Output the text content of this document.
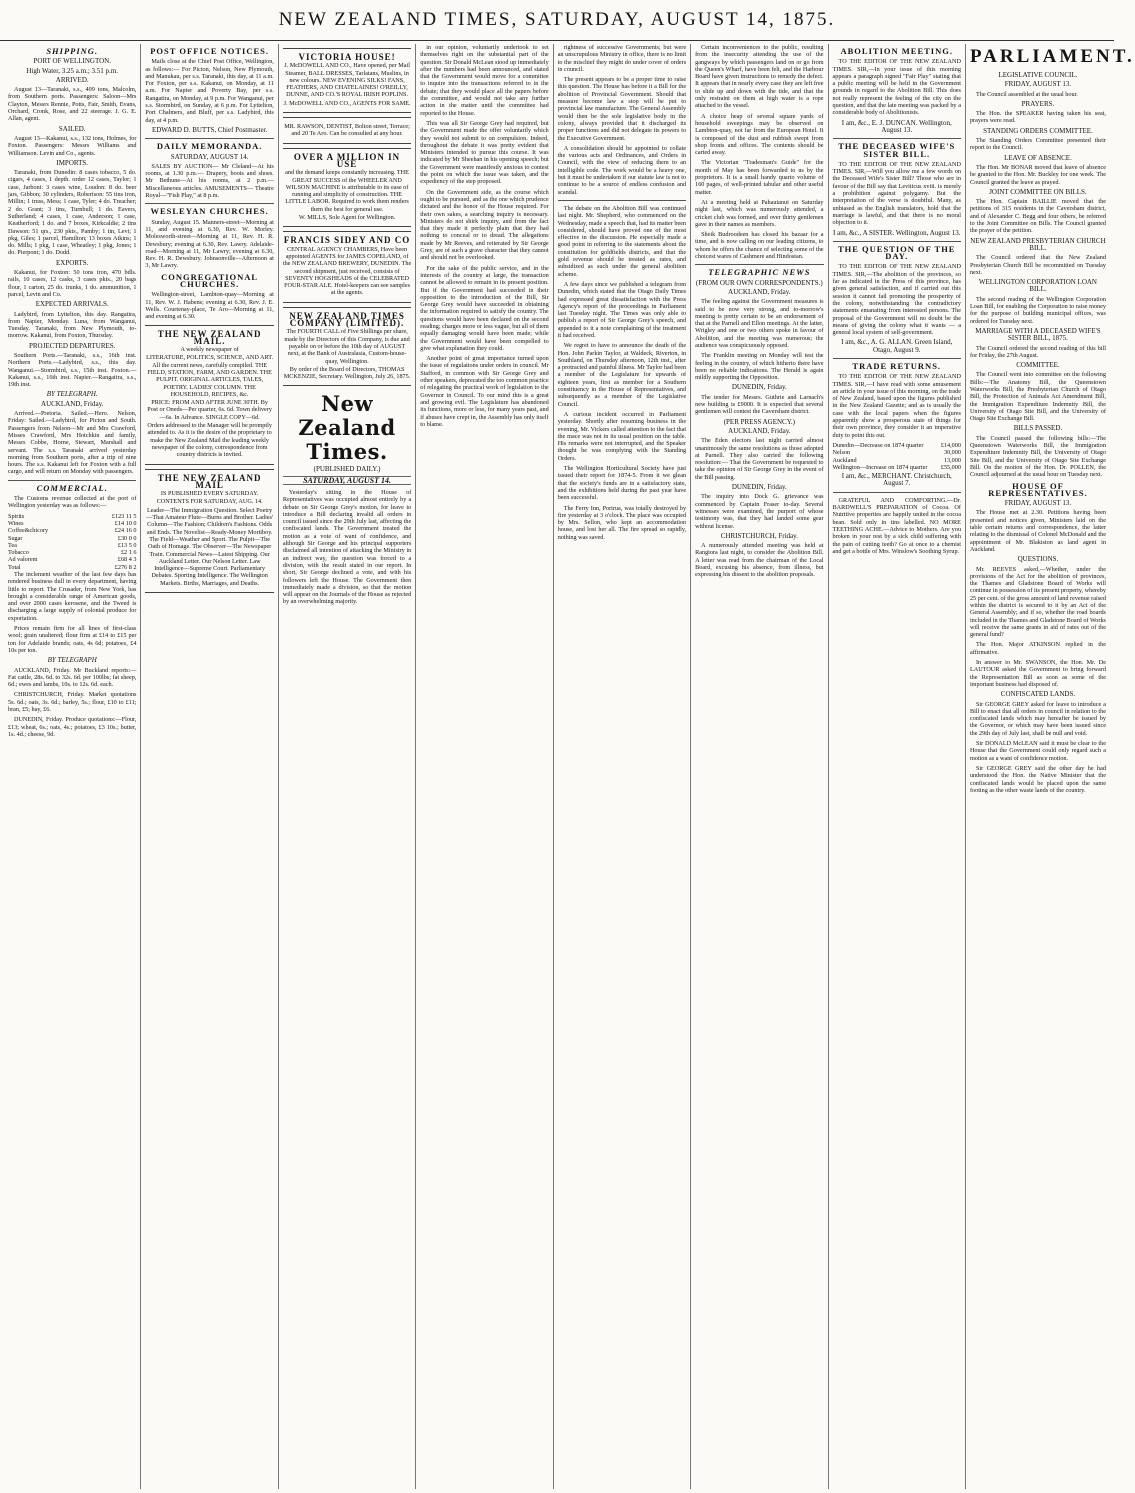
NEW ZEALAND TIMES, SATURDAY, AUGUST 14, 1875.
SHIPPING.
PORT OF WELLINGTON.
High Water, 3.25 a.m.; 3.51 p.m.
ARRIVED.

August 13—Taranaki, s.s., 409 tons, Malcolm, from Southern ports. Passengers: Saloon—Mrs Clayton, Messrs Rennie, Potts, Fair, Smith, Evans, Orchard, Cronk, Rose, and 22 steerage. J. G. E. Allan, agent.

SAILED.

August 13—Kakanui, s.s., 132 tons, Holmes, for Foxton. Passengers: Messrs Williams and Williamson. Levin and Co., agents.

IMPORTS.

Taranaki, from Dunedin: 8 cases tobacco, 5 do. cigars, 4 cases, 1 depth. order 12 cases, Taylor; 1 case, Jarboni: 3 cases wine, Loudon: 8 do. beer jars, Gibbon; 30 cylinders, Robertson: 55 tins iron, Millin; 1 truss, Mess; 1 case, Tyler; 4 do. Treacher; 2 do. Grant; 3 tins, Turnbull; 1 do. Eavers, Sutherland; 4 cases, 1 case, Anderson; 1 case, Keatherford; 1 do. and 7 boxes, Kirkcaldie; 2 tins Dawson: 51 qrs., 230 pkts., Pamby; 1 tin, Levi; 1 pkg, Giles; 1 parcel, Hamilton; 13 boxes Atkins; 1 do. Mills; 1 pkg, 1 case, Wheatley; 1 pkg, Jones; 1 do. Pierpont; 1 do. Dodd.

EXPORTS.

Kakanui, for Foxton: 50 tons iron, 470 bdls. rails, 10 cases, 12 casks, 3 cases pkts., 20 bags flour, 1 carton, 25 do. trunks, 1 do. ammunition, 1 parcel, Levin and Co.

EXPECTED ARRIVALS.

Ladybird, from Lyttelton, this day. Rangatira, from Napier, Monday. Luna, from Wanganui, Tuesday. Taranaki, from New Plymouth, to-morrow. Kakanui, from Foxton, Thursday.

PROJECTED DEPARTURES.

Southern Ports.—Taranaki, s.s., 16th inst. Northern Ports.—Ladybird, s.s., this day. Wanganui.—Stormbird, s.s., 15th inst. Foxton.—Kakanui, s.s., 16th inst. Napier.—Rangatira, s.s., 19th inst.

BY TELEGRAPH.
AUCKLAND, Friday.

Arrived.—Pretoria. Sailed.—Hero. Nelson, Friday: Sailed.—Ladybird, for Picton and South. Passengers from Nelson—Mr and Mrs Crawford, Misses Crawford, Mrs Hotchkin and family, Messrs Cobbe, Horne, Stewart, Marshall and servant. The s.s. Taranaki arrived yesterday morning from Southern ports, after a trip of nine hours. The s.s. Kakanui left for Foxton with a full cargo, and will return on Monday with passengers.

COMMERCIAL.

The Customs revenue collected at the port of Wellington yesterday was as follows:—

Spirits	£123 11 5
Wines	£14 10 0
Coffee&chicory	£24 16 0
Sugar	£30 0 0
Tea	£13 5 0
Tobacco	£2 1 6
Ad valorem	£68 4 3
Total	£276 8 2

The inclement weather of the last few days has rendered business dull in every department, having little to report. The Crusader, from New York, has brought a considerable range of American goods, and over 2000 cases kerosene, and the Tweed is discharging a large supply of colonial produce for exportation.

Prices remain firm for all lines of first-class wool; grain unaltered; flour firm at £14 to £15 per ton for Adelaide brands; oats, 4s 6d; potatoes, £4 10s per ton.

BY TELEGRAPH

AUCKLAND, Friday. Mr Buckland reports:—Fat cattle, 28s. 6d. to 32s. 6d. per 100lbs; fat sheep, 6d.; ewes and lambs, 10s. to 12s. 6d. each.

CHRISTCHURCH, Friday. Market quotations 5s. 6d.; oats, 3s. 6d.; barley, 5s.; flour, £10 to £11; bran, £5; hay, £6.

DUNEDIN, Friday. Produce quotations:—Flour, £13; wheat, 6s.; oats, 4s.; potatoes, £3 10s.; butter, 1s. 4d.; cheese, 9d.

POST OFFICE NOTICES.

Mails close at the Chief Post Office, Wellington, as follows:— For Picton, Nelson, New Plymouth, and Manukau, per s.s. Taranaki, this day, at 11 a.m. For Foxton, per s.s. Kakanui, on Monday, at 11 a.m. For Napier and Poverty Bay, per s.s. Rangatira, on Monday, at 9 p.m. For Wanganui, per s.s. Stormbird, on Sunday, at 6 p.m. For Lyttelton, Port Chalmers, and Bluff, per s.s. Ladybird, this day, at 4 p.m.

EDWARD D. BUTTS, Chief Postmaster.
DAILY MEMORANDA.
SATURDAY, AUGUST 14.

SALES BY AUCTION— Mr Cleland—At his rooms, at 1.30 p.m.— Drapery, boots and shoes. Mr Bethune—At his rooms, at 2 p.m.—Miscellaneous articles. AMUSEMENTS— Theatre Royal—"Fish Play," at 8 p.m.

WESLEYAN CHURCHES.

Sunday, August 15. Manners-street—Morning at 11, and evening at 6.30, Rev. W. Morley. Molesworth-street—Morning at 11, Rev. H. R. Dewsbury; evening at 6.30, Rev. Lawry. Adelaide-road—Morning at 11, Mr Lawry; evening at 6.30, Rev. H. R. Dewsbury. Johnsonville—Afternoon at 3, Mr Lawry.

CONGREGATIONAL CHURCHES.

Wellington-street, Lambton-quay—Morning at 11, Rev. W. J. Habens; evening at 6.30, Rev. J. E. Wells. Courtenay-place, Te Aro—Morning at 11, and evening at 6.30.

THE NEW ZEALAND MAIL.

A weekly newspaper of

LITERATURE, POLITICS, SCIENCE, AND ART. All the current news, carefully compiled. THE FIELD, STATION, FARM, AND GARDEN. THE PULPIT. ORIGINAL ARTICLES, TALES, POETRY. LADIES' COLUMN. THE HOUSEHOLD, RECIPES, &c.

PRICE: FROM AND AFTER JUNE 30TH. By Post or Oneds—Per quarter, 6s. 6d. Town delivery—6s. In Advance. SINGLE COPY—6d.

Orders addressed to the Manager will be promptly attended to. As it is the desire of the proprietary to make the New Zealand Mail the leading weekly newspaper of the colony, correspondence from country districts is invited.

THE NEW ZEALAND MAIL

IS PUBLISHED EVERY SATURDAY.

CONTENTS FOR SATURDAY, AUG. 14.

Leader—The Immigration Question. Select Poetry—That Amateur Flute—Burns and Brother. Ladies' Column—The Fashion; Children's Fashions. Odds and Ends. The Novelist—Ready-Money Mortiboy. The Field—Weather and Sport. The Pulpit—The Oath of Homage. The Observer—The Newspaper Train. Commercial News—Latest Shipping. Our Auckland Letter. Our Nelson Letter. Law Intelligence—Supreme Court. Parliamentary Debates. Sporting Intelligence. The Wellington Markets. Births, Marriages, and Deaths.

VICTORIA HOUSE!

J. McDOWELL AND CO., Have opened, per Mail Steamer, BALL DRESSES, Tarlatans, Muslins, in new colours. NEW EVENING SILKS! FANS, FEATHERS, AND CHATELAINES! O'REILLY, DUNNE, AND CO.'S ROYAL IRISH POPLINS.

J. McDOWELL AND CO., AGENTS FOR SAME.

MR. RAWSON, DENTIST, Bolton street, Terrace; and 20 Te Aro. Can be consulted at any hour.

OVER A MILLION IN USE

and the demand keeps constantly increasing. THE GREAT SUCCESS of the WHEELER AND WILSON MACHINE is attributable to its ease of running and simplicity of construction. THE LITTLE LABOR. Required to work them renders them the best for general use.

W. MILLS, Sole Agent for Wellington.

FRANCIS SIDEY AND CO

CENTRAL AGENCY CHAMBERS, Have been appointed AGENTS for JAMES COPELAND, of the NEW ZEALAND BREWERY, DUNEDIN. The second shipment, just received, consists of SEVENTY HOGSHEADS of the CELEBRATED FOUR-STAR ALE. Hotel-keepers can see samples at the agents.

NEW ZEALAND TIMES COMPANY (LIMITED).

The FOURTH CALL of Five Shillings per share, made by the Directors of this Company, is due and payable on or before the 10th day of AUGUST next, at the Bank of Australasia, Custom-house-quay, Wellington.

By order of the Board of Directors, THOMAS MCKENZIE, Secretary. Wellington, July 26, 1875.

New Zealand Times.
(PUBLISHED DAILY.)
SATURDAY, AUGUST 14.

Yesterday's sitting in the House of Representatives was occupied almost entirely by a debate on Sir George Grey's motion, for leave to introduce a Bill declaring invalid all orders in council issued since the 29th July last, affecting the confiscated lands. The Government treated the motion as a vote of want of confidence, and although Sir George and his principal supporters disclaimed all intention of attacking the Ministry in an indirect way, the question was forced to a division, with the result stated in our report. In short, Sir George declined a vote, and with his followers left the House. The Government then immediately made a division, so that the motion will appear on the Journals of the House as rejected by an overwhelming majority.

in our opinion, voluntarily undertook to set themselves right on the substantial part of the question. Sir Donald McLean stood up immediately after the numbers had been announced, and stated that the Government would move for a committee to inquire into the transactions referred to in the debate; that they would place all the papers before the committee, and would not take any further action in the matter until the committee had reported to the House.

This was all Sir George Grey had required, but the Government made the offer voluntarily which they would not submit to on compulsion. Indeed, throughout the debate it was pretty evident that Ministers intended to pursue this course. It was indicated by Mr Sheehan in his opening speech; but the Government were manifestly anxious to contest the point on which the issue was taken, and the expediency of the step proposed.

On the Government side, as the course which ought to be pursued, and as the one which prudence dictated and the honor of the House required. For their own sakes, a searching inquiry is necessary. Ministers do not shirk inquiry, and from the fact that they made it perfectly plain that they had nothing to conceal or to dread. The allegations made by Mr Reeves, and reiterated by Sir George Grey, are of such a grave character that they cannot and should not be overlooked.

For the sake of the public service, and in the interests of the country at large, the transaction cannot be allowed to remain in its present position. But if the Government had succeeded in their opposition to the introduction of the Bill, Sir George Grey would have succeeded in obtaining the information required to satisfy the country. The questions would have been declared on the second reading; charges more or less vague, but all of them equally damaging would have been made; while the Government would have been compelled to give what explanation they could.

Another point of great importance turned upon the issue of regulations under orders in council. Mr Stafford, in common with Sir George Grey and other speakers, deprecated the too common practice of relegating the practical work of legislation to the Governor in Council. To our mind this is a great and growing evil. The Legislature has abandoned its functions, more or less, for many years past, and if abuses have crept in, the Assembly has only itself to blame.

rightness of successive Governments; but were an unscrupulous Ministry in office, there is no limit to the mischief they might do under cover of orders in council.

The present appears to be a proper time to raise this question. The House has before it a Bill for the abolition of Provincial Government. Should that measure become law a stop will be put to provincial law manufacture. The General Assembly would then be the sole legislative body in the colony, always provided that it discharged its proper functions and did not delegate its powers to the Executive Government.

A consolidation should be appointed to collate the various acts and Ordinances, and Orders in Council, with the view of reducing them to an intelligible code. The work would be a heavy one, but it must be undertaken if our statute law is not to continue to be a source of endless confusion and scandal.

The debate on the Abolition Bill was continued last night. Mr. Shepherd, who commenced on the Wednesday, made a speech that, had its matter been considered, should have proved one of the most effective in the discussion. He especially made a good point in referring to the statements about the constitution for goldfields districts, and that the gold revenue should be treated as rates, and subsidized as such under the general abolition scheme.

A few days since we published a telegram from Dunedin, which stated that the Otago Daily Times had expressed great dissatisfaction with the Press Agency's report of the proceedings in Parliament last Tuesday night. The Times was only able to publish a report of Sir George Grey's speech, and appended to it a note complaining of the treatment it had received.

We regret to have to announce the death of the Hon. John Parkin Taylor, at Waldeck, Riverton, in Southland, on Thursday afternoon, 12th inst., after a protracted and painful illness. Mr Taylor had been a member of the Legislature for upwards of eighteen years, first as member for a Southern constituency in the House of Representatives, and subsequently as a member of the Legislative Council.

A curious incident occurred in Parliament yesterday. Shortly after resuming business in the evening, Mr. Vickers called attention to the fact that the mace was not in its usual position on the table. His remarks were not interrupted, and the Speaker thought he was complying with the Standing Orders.

The Wellington Horticultural Society have just issued their report for 1874-5. From it we glean that the society's funds are in a satisfactory state, and the exhibitions held during the past year have been successful.

The Ferry Inn, Porirua, was totally destroyed by fire yesterday at 3 o'clock. The place was occupied by Mrs. Sellon, who kept an accommodation house, and lost her all. The fire spread so rapidly, nothing was saved.

Certain inconveniences to the public, resulting from the insecurity attending the use of the gangways by which passengers land on or go from the Queen's Wharf, have been felt, and the Harbour Board have given instructions to remedy the defect. It appears that in nearly every case they are left free to slide up and down with the tide, and that the only restraint on them at high water is a rope attached to the vessel.

A choice heap of several square yards of household sweepings may be observed on Lambton-quay, not far from the European Hotel. It is composed of the dust and rubbish swept from shop fronts and offices. The contents should be carted away.

The Victorian "Tradesman's Guide" for the month of May has been forwarded to us by the proprietors. It is a small handy quarto volume of 160 pages, of well-printed tabular and other useful matter.

At a meeting held at Pahautanui on Saturday night last, which was numerously attended, a cricket club was formed, and over thirty gentlemen gave in their names as members.

Sheik Budroodeen has closed his bazaar for a time, and is now calling on our leading citizens, to whom he offers the chance of selecting some of the choicest wares of Cashmere and Hindostan.

TELEGRAPHIC NEWS
(FROM OUR OWN CORRESPONDENTS.)
AUCKLAND, Friday.

The feeling against the Government measures is said to be now very strong, and to-morrow's meeting is pretty certain to be an endorsement of that at the Parnell and Ellon meetings. At the latter, Wrigley and one or two others spoke in favour of Abolition, and the meeting was numerous; the audience was conspicuously opposed.

The Franklin meeting on Monday will test the feeling in the country, of which hitherto there have been no reliable indications. The Herald is again mildly supporting the Opposition.

DUNEDIN, Friday.

The tender for Messrs. Guthrie and Larnach's new building is £9000. It is expected that several gentlemen will contest the Caversham district.

(PER PRESS AGENCY.)
AUCKLAND, Friday.

The Eden electors last night carried almost unanimously the same resolutions as those adopted at Parnell. They also carried the following resolution:— That the Government be requested to take the opinion of Sir George Grey in the event of the Bill passing.

DUNEDIN, Friday.

The inquiry into Dock G. grievance was commenced by Captain Fraser to-day. Several witnesses were examined, the purport of whose testimony was, that they had landed some gear without license.

CHRISTCHURCH, Friday.

A numerously attended meeting was held at Rangiora last night, to consider the Abolition Bill. A letter was read from the chairman of the Local Board, excusing his absence, from illness, but expressing his dissent to the abolition proposals.

ABOLITION MEETING.

TO THE EDITOR OF THE NEW ZEALAND TIMES. SIR,—In your issue of this morning appears a paragraph signed "Fair Play" stating that a public meeting will be held in the Government grounds in regard to the Abolition Bill. This does not really represent the feeling of the city on the question, and that the late meeting was packed by a considerable body of Abolitionists.

I am, &c., E. J. DUNCAN. Wellington, August 13.
THE DECEASED WIFE'S SISTER BILL.

TO THE EDITOR OF THE NEW ZEALAND TIMES. SIR,—Will you allow me a few words on the Deceased Wife's Sister Bill? Those who are in favour of the Bill say that Leviticus xviii. is merely a prohibition against polygamy. But the interpretation of the verse is doubtful. Many, as unbiased as the English translators, hold that the marriage is lawful, and that there is no moral objection to it.

I am, &c., A SISTER. Wellington, August 13.
THE QUESTION OF THE DAY.

TO THE EDITOR OF THE NEW ZEALAND TIMES. SIR,—The abolition of the provinces, so far as indicated in the Press of this province, has given general satisfaction, and if carried out this session it cannot fail promoting the prosperity of the colony, notwithstanding the contradictory statements emanating from interested persons. The proposal of the Government will no doubt be the means of giving the colony what it wants — a general local system of self-government.

I am, &c., A. G. ALLAN. Green Island, Otago, August 9.
TRADE RETURNS.

TO THE EDITOR OF THE NEW ZEALAND TIMES. SIR,—I have read with some amusement an article in your issue of this morning, on the trade of New Zealand, based upon the figures published in the New Zealand Gazette; and as is usually the case with the local papers when the figures apparently show a prosperous state of things for their own province, they consider it an imperative duty to point this out.

Dunedin—Decrease on 1874 quarter	£14,000
Nelson	30,000
Auckland	13,000
Wellington—Increase on 1874 quarter £55,000
I am, &c., MERCHANT. Christchurch, August 7.

GRATEFUL AND COMFORTING.—Dr. BARDWELL'S PREPARATION of Cocoa. Of Nutritive properties are happily united in the cocoa bean. Sold only in tins labelled. NO MORE TEETHING ACHE.—Advice to Mothers. Are you broken in your rest by a sick child suffering with the pain of cutting teeth? Go at once to a chemist and get a bottle of Mrs. Winslow's Soothing Syrup.

PARLIAMENT.
LEGISLATIVE COUNCIL.
FRIDAY, AUGUST 13.

The Council assembled at the usual hour.

PRAYERS.

The Hon. the SPEAKER having taken his seat, prayers were read.

STANDING ORDERS COMMITTEE.

The Standing Orders Committee presented their report to the Council.

LEAVE OF ABSENCE.

The Hon. Mr BONAR moved that leave of absence be granted to the Hon. Mr. Buckley for one week. The Council granted the leave as prayed.

JOINT COMMITTEE ON BILLS.

The Hon. Captain BAILLIE moved that the petitions of 315 residents in the Caversham district, and of Alexander C. Begg and four others, be referred to the Joint Committee on Bills. The Council granted the prayer of the petition.

NEW ZEALAND PRESBYTERIAN CHURCH BILL.

The Council ordered that the New Zealand Presbyterian Church Bill be recommitted on Tuesday next.

WELLINGTON CORPORATION LOAN BILL.

The second reading of the Wellington Corporation Loan Bill, for enabling the Corporation to raise money for the purpose of building municipal offices, was ordered for Tuesday next.

MARRIAGE WITH A DECEASED WIFE'S SISTER BILL, 1875.

The Council ordered the second reading of this bill for Friday, the 27th August.

COMMITTEE.

The Council went into committee on the following Bills:—The Anatomy Bill, the Queenstown Waterworks Bill, the Presbyterian Church of Otago Bill, the Protection of Animals Act Amendment Bill, the Immigration Expenditure Indemnity Bill, the University of Otago Site Bill, and the University of Otago Site Exchange Bill.

BILLS PASSED.

The Council passed the following bills:—The Queenstown Waterworks Bill, the Immigration Expenditure Indemnity Bill, the University of Otago Site Bill, and the University of Otago Site Exchange Bill. On the motion of the Hon. Dr. POLLEN, the Council adjourned at the usual hour on Tuesday next.

HOUSE OF REPRESENTATIVES.
FRIDAY, AUGUST 13.

The House met at 2.30. Petitions having been presented and notices given, Ministers laid on the table certain returns and correspondence, the latter relating to the dismissal of Colonel McDonald and the appointment of Mr. Blakiston as land agent in Auckland.

QUESTIONS.

Mr. REEVES asked,—Whether, under the provisions of the Act for the abolition of provinces, the Thames and Gladstone Board of Works will continue in possession of its present property, whereby 25 per cent. of the gross amount of land revenue raised within the district is secured to it by an Act of the General Assembly; and if so, whether the road boards included in the Thames and Gladstone Board of Works will receive the same grants in aid of rates out of the general fund?

The Hon. Major ATKINSON replied in the affirmative.

In answer to Mr. SWANSON, the Hon. Mr. De LAUTOUR asked the Government to bring forward the Representation Bill as soon as some of the important business had disposed of.

CONFISCATED LANDS.

Sir GEORGE GREY asked for leave to introduce a Bill to enact that all orders in council in relation to the confiscated lands which may hereafter be issued by the Governor, or which may have been issued since the 29th day of July last, shall be null and void.

Sir DONALD McLEAN said it must be clear to the House that the Government could only regard such a motion as a want of confidence motion.

Sir GEORGE GREY said the other day he had understood the Hon. the Native Minister that the confiscated lands would be placed upon the same footing as the other waste lands of the country.
